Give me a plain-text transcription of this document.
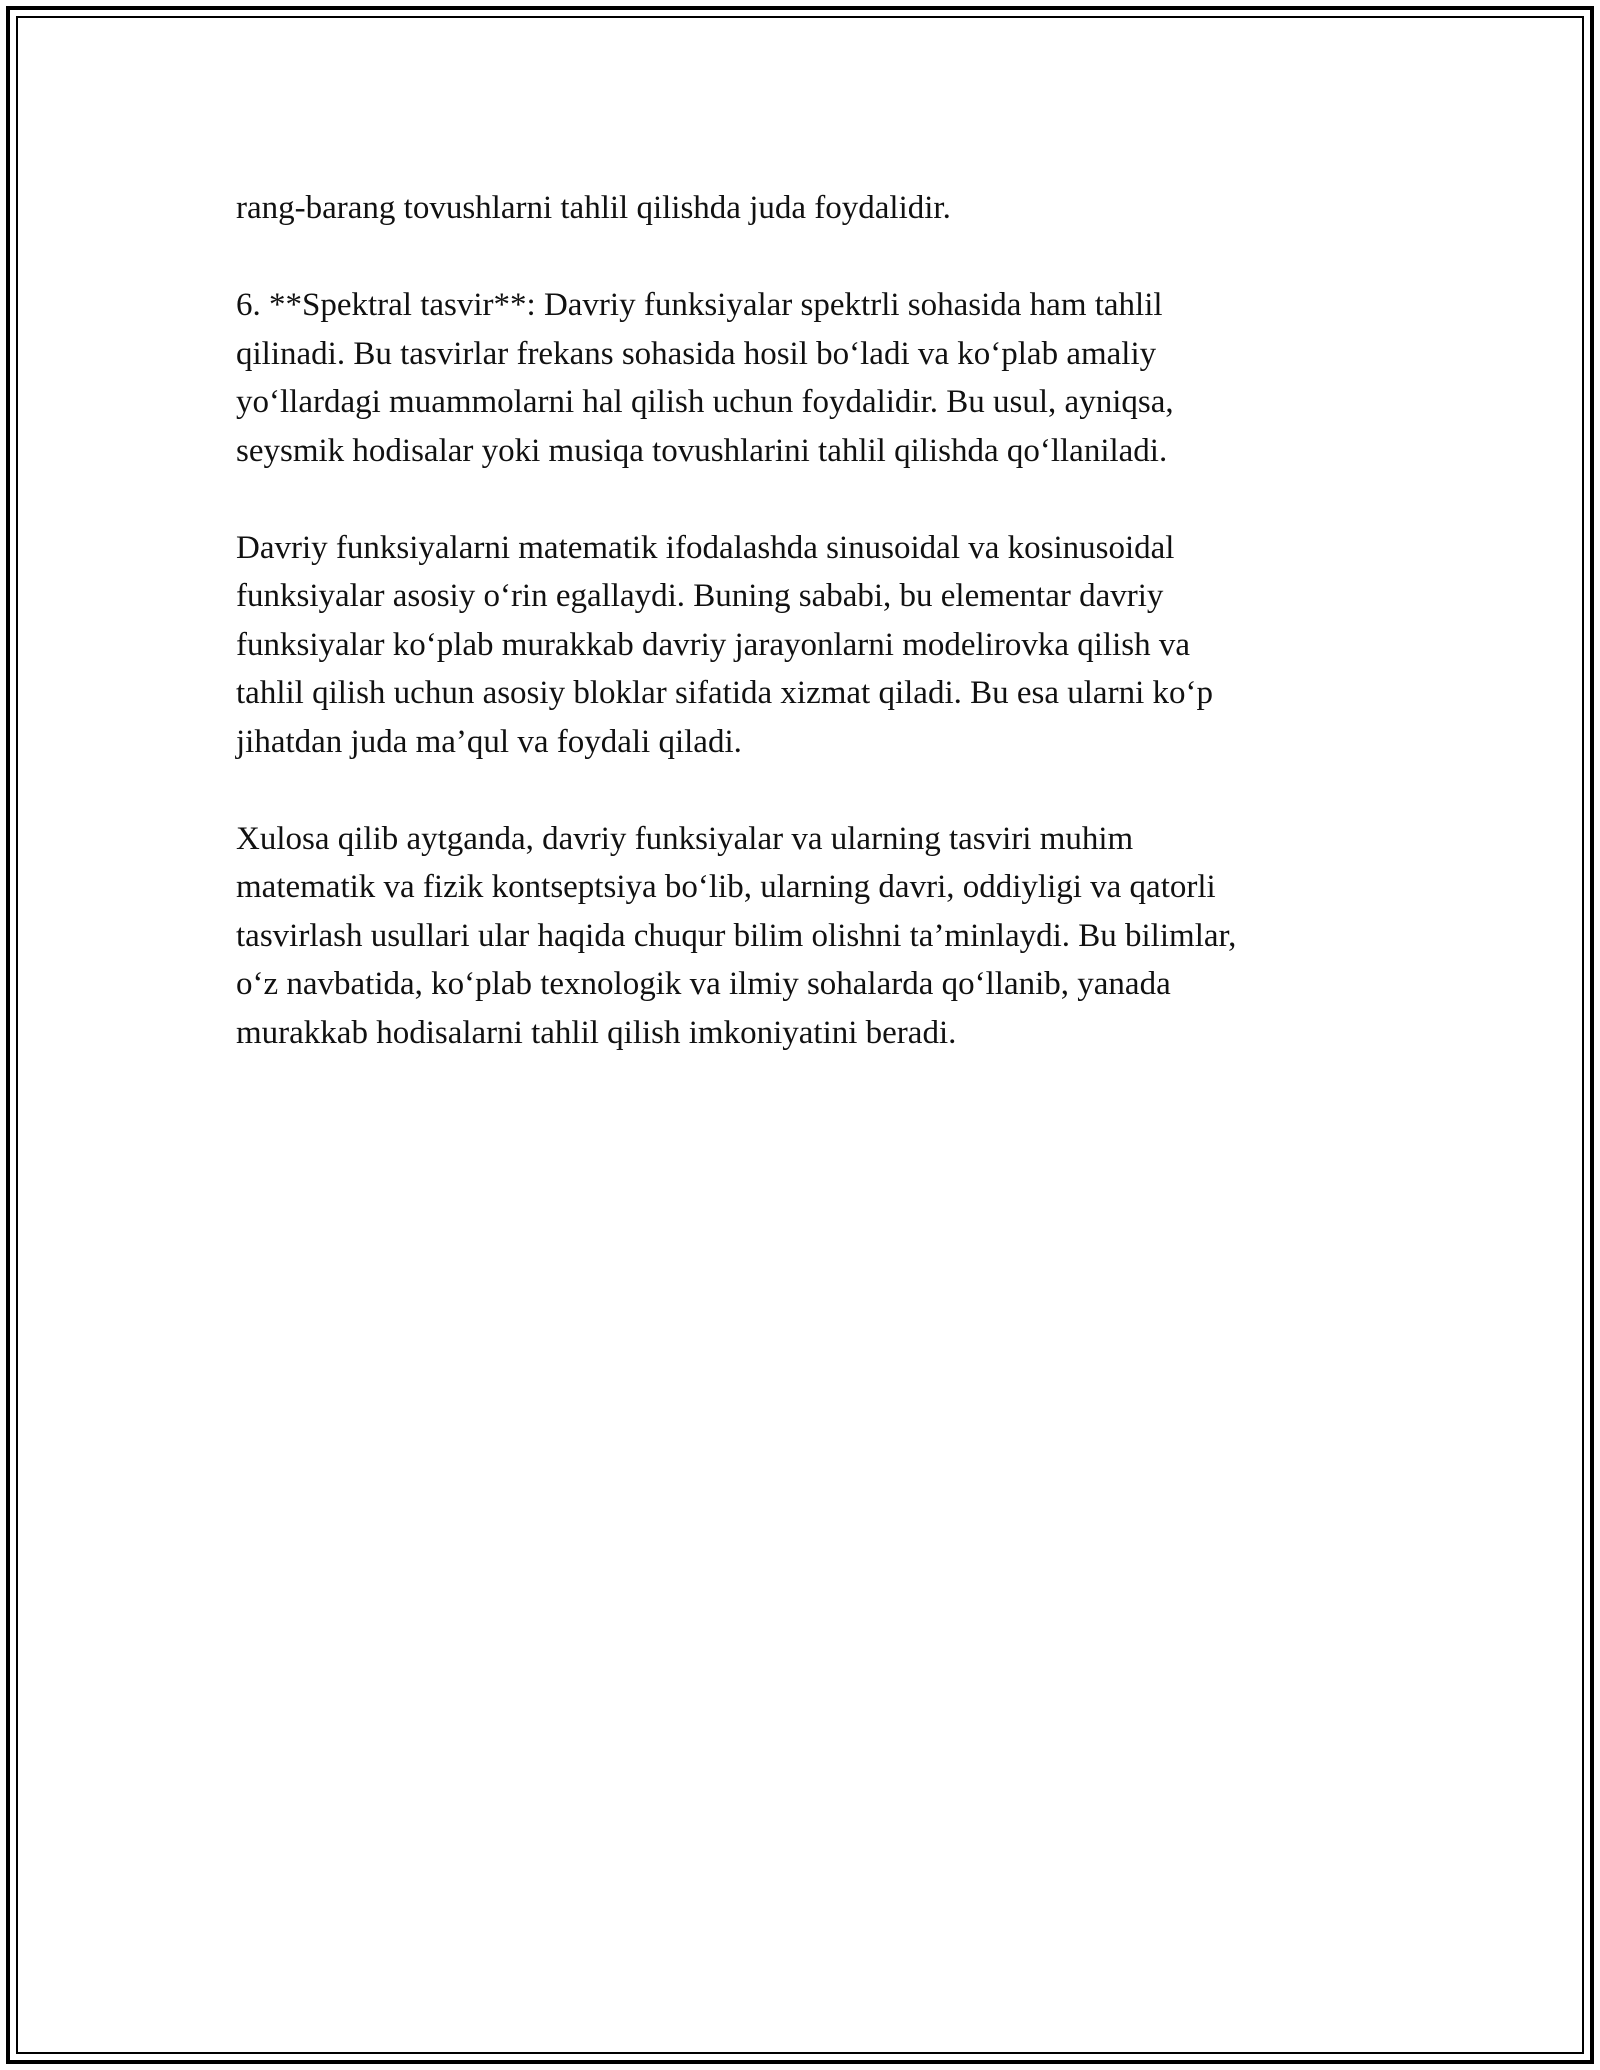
rang-barang tovushlarni tahlil qilishda juda foydalidir.

6. **Spektral tasvir**: Davriy funksiyalar spektrli sohasida ham tahlil
qilinadi. Bu tasvirlar frekans sohasida hosil bo‘ladi va ko‘plab amaliy
yo‘llardagi muammolarni hal qilish uchun foydalidir. Bu usul, ayniqsa,
seysmik hodisalar yoki musiqa tovushlarini tahlil qilishda qo‘llaniladi.

Davriy funksiyalarni matematik ifodalashda sinusoidal va kosinusoidal
funksiyalar asosiy o‘rin egallaydi. Buning sababi, bu elementar davriy
funksiyalar ko‘plab murakkab davriy jarayonlarni modelirovka qilish va
tahlil qilish uchun asosiy bloklar sifatida xizmat qiladi. Bu esa ularni ko‘p
jihatdan juda ma’qul va foydali qiladi.

Xulosa qilib aytganda, davriy funksiyalar va ularning tasviri muhim
matematik va fizik kontseptsiya bo‘lib, ularning davri, oddiyligi va qatorli
tasvirlash usullari ular haqida chuqur bilim olishni ta’minlaydi. Bu bilimlar,
o‘z navbatida, ko‘plab texnologik va ilmiy sohalarda qo‘llanib, yanada
murakkab hodisalarni tahlil qilish imkoniyatini beradi.
